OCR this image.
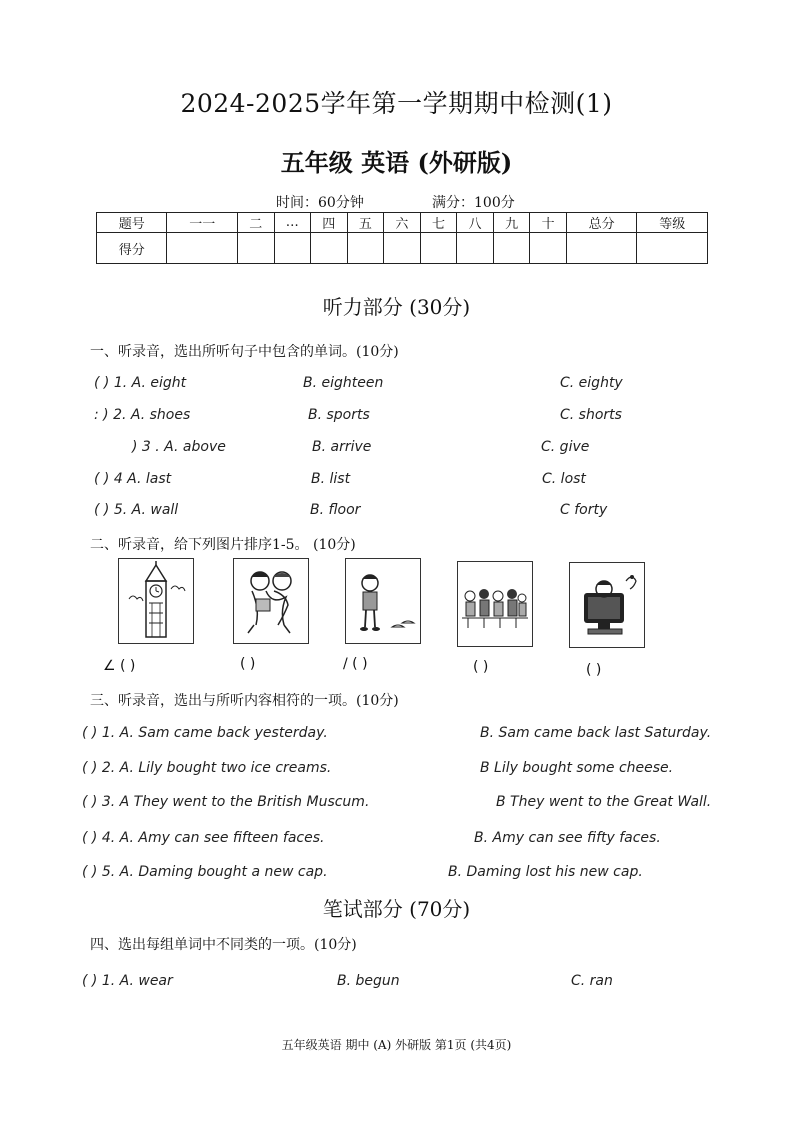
2024-2025学年第一学期期中检测(1)
五年级 英语 (外研版)
时间：60分钟	满分：100分
题号	一一	二	…	四	五	六	七	八	九	十	总分	等级
得分												
听力部分 (30分)
一、听录音，选出所听句子中包含的单词。(10分)
( ) 1. A. eight	B. eighteen	C. eighty
: ) 2. A. shoes	B. sports	C. shorts
) 3 . A. above	B. arrive	C. give
( ) 4 A. last	B. list	C. lost
( ) 5. A. wall	B. floor	C forty
二、听录音，给下列图片排序1-5。 (10分)
∠ ( )	( )	/ ( )	( )	( )
三、听录音，选出与所听内容相符的一项。(10分)
( ) 1. A. Sam came back yesterday.	B. Sam came back last Saturday.
( ) 2. A. Lily bought two ice creams.	B Lily bought some cheese.
( ) 3. A They went to the British Muscum.	B They went to the Great Wall.
( ) 4. A. Amy can see fifteen faces.	B. Amy can see fifty faces.
( ) 5. A. Daming bought a new cap.	B. Daming lost his new cap.
笔试部分 (70分)
四、选出每组单词中不同类的一项。(10分)
( ) 1. A. wear	B. begun	C. ran
五年级英语 期中 (A) 外研版 第1页 (共4页)
